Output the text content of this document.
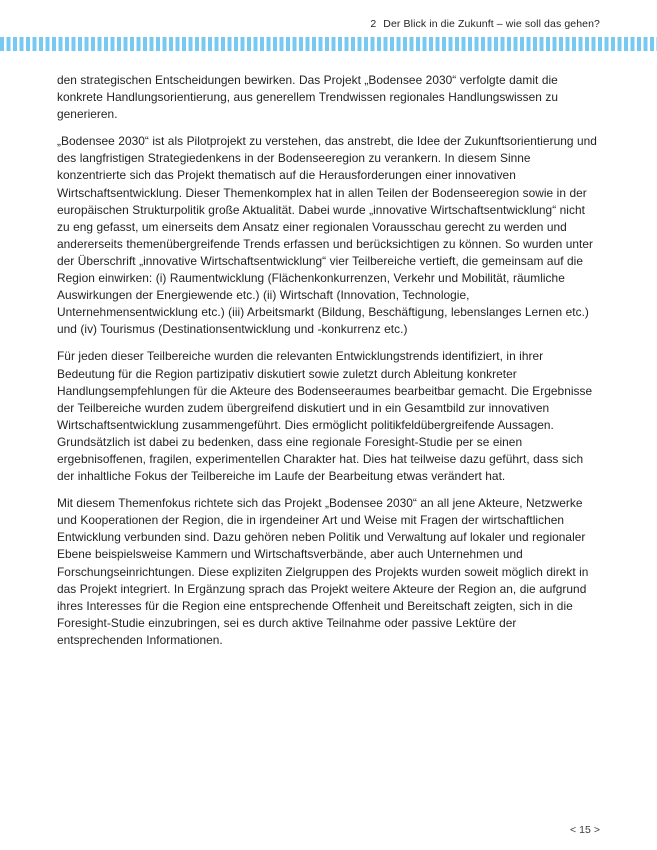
2 Der Blick in die Zukunft – wie soll das gehen?

den strategischen Entscheidungen bewirken. Das Projekt „Bodensee 2030“ verfolgte damit die konkrete Handlungsorientierung, aus generellem Trendwissen regionales Handlungswissen zu generieren.

„Bodensee 2030“ ist als Pilotprojekt zu verstehen, das anstrebt, die Idee der Zukunftsorientierung und des langfristigen Strategiedenkens in der Bodenseeregion zu verankern. In diesem Sinne konzentrierte sich das Projekt thematisch auf die Herausforderungen einer innovativen Wirtschaftsentwicklung. Dieser Themenkomplex hat in allen Teilen der Bodenseeregion sowie in der europäischen Strukturpolitik große Aktualität. Dabei wurde „innovative Wirtschaftsentwicklung“ nicht zu eng gefasst, um einerseits dem Ansatz einer regionalen Vorausschau gerecht zu werden und andererseits themenübergreifende Trends erfassen und berücksichtigen zu können. So wurden unter der Überschrift „innovative Wirtschaftsentwicklung“ vier Teilbereiche vertieft, die gemeinsam auf die Region einwirken: (i) Raumentwicklung (Flächenkonkurrenzen, Verkehr und Mobilität, räumliche Auswirkungen der Energiewende etc.) (ii) Wirtschaft (Innovation, Technologie, Unternehmensentwicklung etc.) (iii) Arbeitsmarkt (Bildung, Beschäftigung, lebenslanges Lernen etc.) und (iv) Tourismus (Destinationsentwicklung und -konkurrenz etc.)

Für jeden dieser Teilbereiche wurden die relevanten Entwicklungstrends identifiziert, in ihrer Bedeutung für die Region partizipativ diskutiert sowie zuletzt durch Ableitung konkreter Handlungsempfehlungen für die Akteure des Bodenseeraumes bearbeitbar gemacht. Die Ergebnisse der Teilbereiche wurden zudem übergreifend diskutiert und in ein Gesamtbild zur innovativen Wirtschaftsentwicklung zusammengeführt. Dies ermöglicht politikfeldübergreifende Aussagen. Grundsätzlich ist dabei zu bedenken, dass eine regionale Foresight-Studie per se einen ergebnisoffenen, fragilen, experimentellen Charakter hat. Dies hat teilweise dazu geführt, dass sich der inhaltliche Fokus der Teilbereiche im Laufe der Bearbeitung etwas verändert hat.

Mit diesem Themenfokus richtete sich das Projekt „Bodensee 2030“ an all jene Akteure, Netzwerke und Kooperationen der Region, die in irgendeiner Art und Weise mit Fragen der wirtschaftlichen Entwicklung verbunden sind. Dazu gehören neben Politik und Verwaltung auf lokaler und regionaler Ebene beispielsweise Kammern und Wirtschaftsverbände, aber auch Unternehmen und Forschungseinrichtungen. Diese expliziten Zielgruppen des Projekts wurden soweit möglich direkt in das Projekt integriert. In Ergänzung sprach das Projekt weitere Akteure der Region an, die aufgrund ihres Interesses für die Region eine entsprechende Offenheit und Bereitschaft zeigten, sich in die Foresight-Studie einzubringen, sei es durch aktive Teilnahme oder passive Lektüre der entsprechenden Informationen.

< 15 >
